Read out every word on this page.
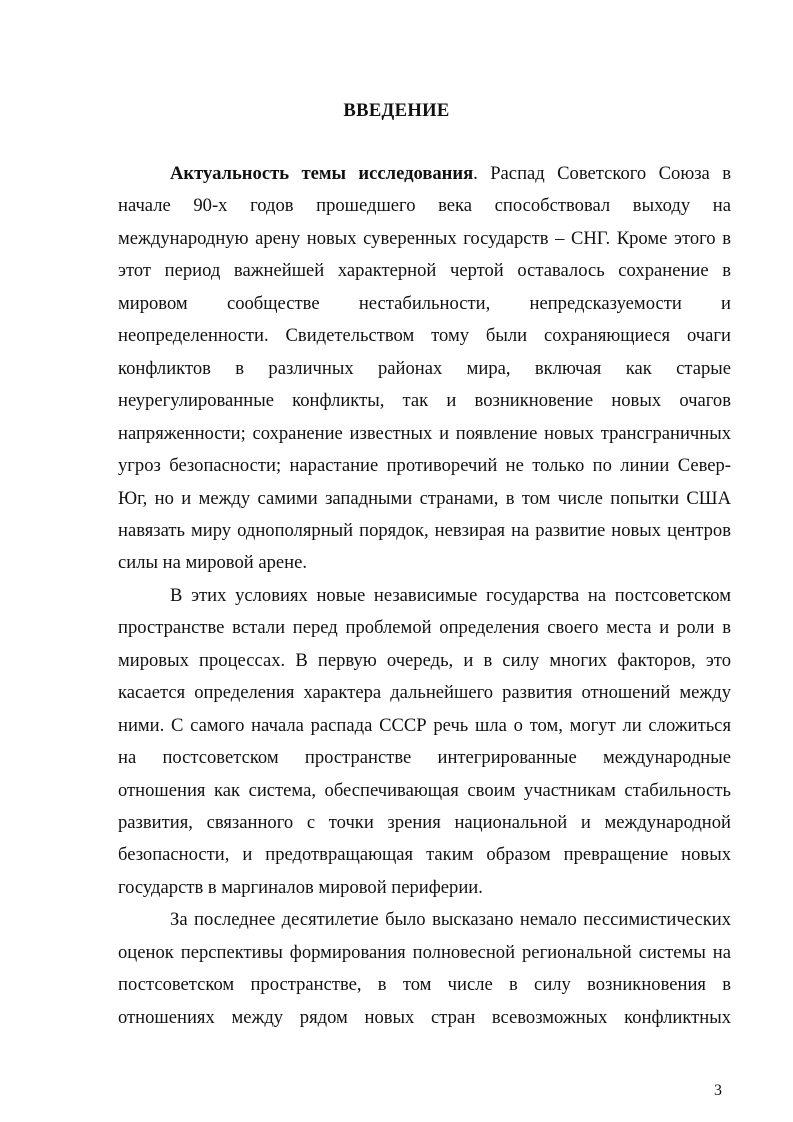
ВВЕДЕНИЕ
Актуальность темы исследования. Распад Советского Союза в
начале 90-х годов прошедшего века способствовал выходу на
международную арену новых суверенных государств – СНГ. Кроме этого в
этот период важнейшей характерной чертой оставалось сохранение в
мировом сообществе нестабильности, непредсказуемости и
неопределенности. Свидетельством тому были сохраняющиеся очаги
конфликтов в различных районах мира, включая как старые
неурегулированные конфликты, так и возникновение новых очагов
напряженности; сохранение известных и появление новых трансграничных
угроз безопасности; нарастание противоречий не только по линии Север-
Юг, но и между самими западными странами, в том числе попытки США
навязать миру однополярный порядок, невзирая на развитие новых центров
силы на мировой арене.
В этих условиях новые независимые государства на постсоветском
пространстве встали перед проблемой определения своего места и роли в
мировых процессах. В первую очередь, и в силу многих факторов, это
касается определения характера дальнейшего развития отношений между
ними. С самого начала распада СССР речь шла о том, могут ли сложиться
на постсоветском пространстве интегрированные международные
отношения как система, обеспечивающая своим участникам стабильность
развития, связанного с точки зрения национальной и международной
безопасности, и предотвращающая таким образом превращение новых
государств в маргиналов мировой периферии.
За последнее десятилетие было высказано немало пессимистических
оценок перспективы формирования полновесной региональной системы на
постсоветском пространстве, в том числе в силу возникновения в
отношениях между рядом новых стран всевозможных конфликтных
3
